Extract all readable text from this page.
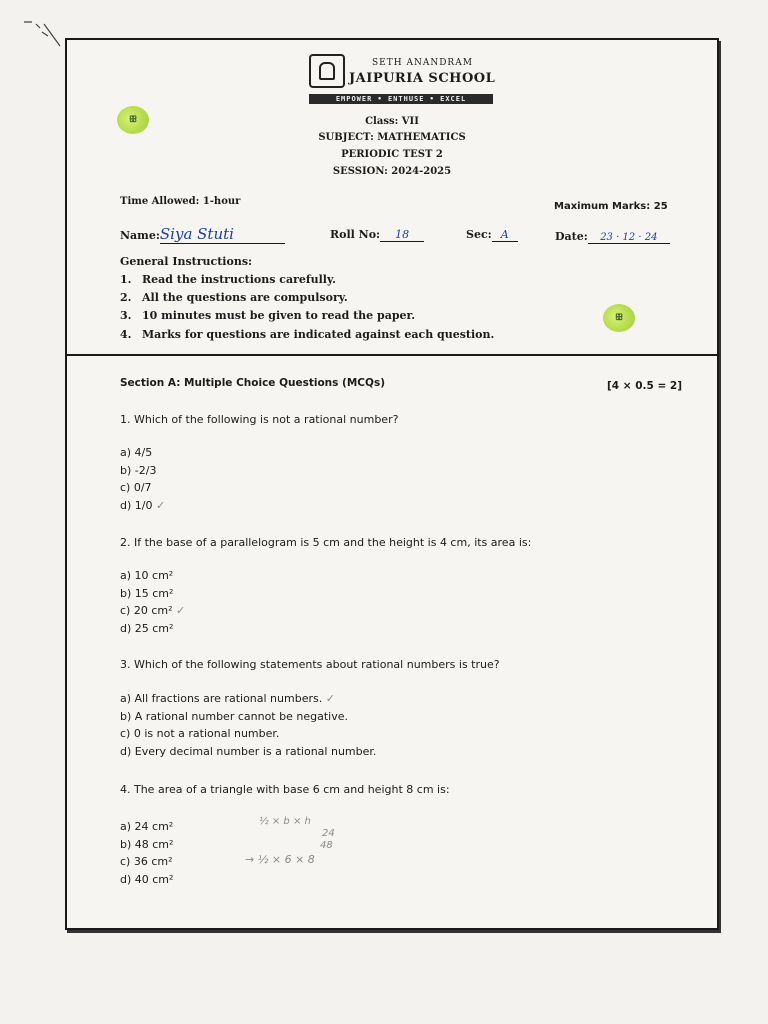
SETH ANANDRAM
JAIPURIA SCHOOL
EMPOWER • ENTHUSE • EXCEL
ꕥ	Class: VII
SUBJECT: MATHEMATICS
PERIODIC TEST 2
SESSION: 2024-2025
Time Allowed: 1-hour	Maximum Marks: 25
Name:Siya Stuti	Roll No: 18	Sec: A	Date: 23 · 12 · 24
General Instructions:
1. Read the instructions carefully.
2. All the questions are compulsory.
3. 10 minutes must be given to read the paper.
4. Marks for questions are indicated against each question.
ꕥ
Section A: Multiple Choice Questions (MCQs)	[4 × 0.5 = 2]
1. Which of the following is not a rational number?
a) 4/5
b) -2/3
c) 0/7
d) 1/0 ✓
2. If the base of a parallelogram is 5 cm and the height is 4 cm, its area is:
a) 10 cm²
b) 15 cm²
c) 20 cm² ✓
d) 25 cm²
3. Which of the following statements about rational numbers is true?
a) All fractions are rational numbers. ✓
b) A rational number cannot be negative.
c) 0 is not a rational number.
d) Every decimal number is a rational number.
4. The area of a triangle with base 6 cm and height 8 cm is:
a) 24 cm²
b) 48 cm²
c) 36 cm²
d) 40 cm²
½ × b × h
24
48
→ ½ × 6 × 8
